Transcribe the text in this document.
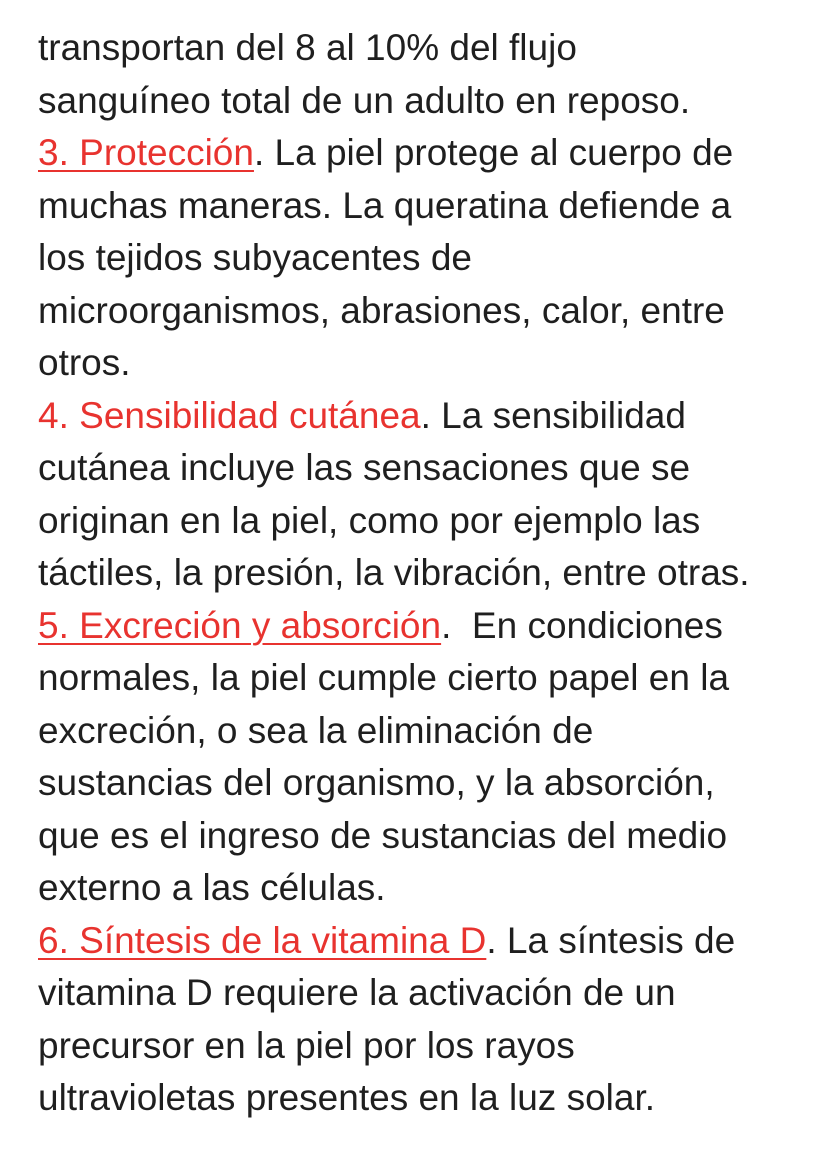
transportan del 8 al 10% del flujo
sanguíneo total de un adulto en reposo.
3. Protección. La piel protege al cuerpo de
muchas maneras. La queratina defiende a
los tejidos subyacentes de
microorganismos, abrasiones, calor, entre
otros.
4. Sensibilidad cutánea. La sensibilidad
cutánea incluye las sensaciones que se
originan en la piel, como por ejemplo las
táctiles, la presión, la vibración, entre otras.
5. Excreción y absorción.  En condiciones
normales, la piel cumple cierto papel en la
excreción, o sea la eliminación de
sustancias del organismo, y la absorción,
que es el ingreso de sustancias del medio
externo a las células.
6. Síntesis de la vitamina D. La síntesis de
vitamina D requiere la activación de un
precursor en la piel por los rayos
ultravioletas presentes en la luz solar.
